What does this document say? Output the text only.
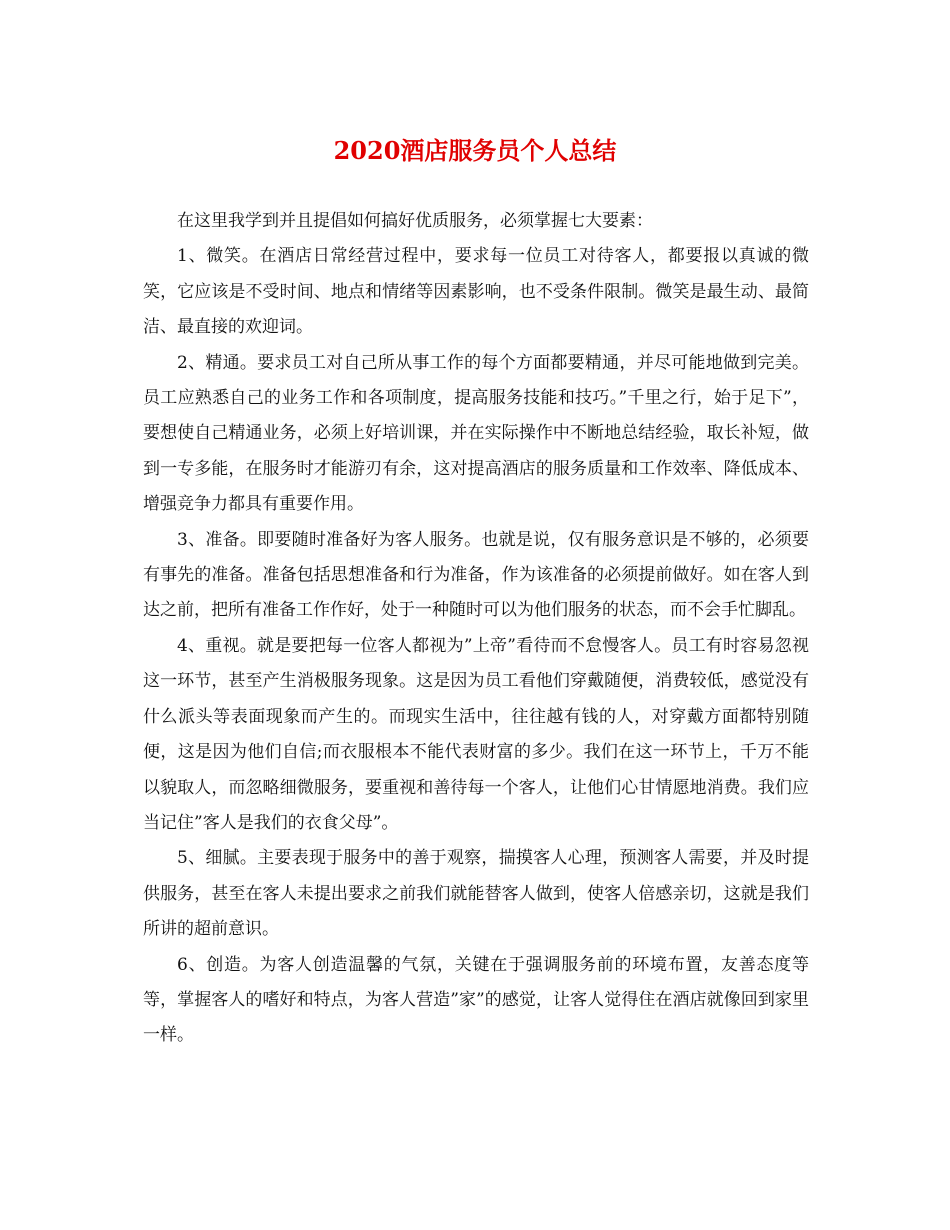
2020酒店服务员个人总结

在这里我学到并且提倡如何搞好优质服务，必须掌握七大要素：

1、微笑。在酒店日常经营过程中，要求每一位员工对待客人，都要报以真诚的微笑，它应该是不受时间、地点和情绪等因素影响，也不受条件限制。微笑是最生动、最简洁、最直接的欢迎词。

2、精通。要求员工对自己所从事工作的每个方面都要精通，并尽可能地做到完美。员工应熟悉自己的业务工作和各项制度，提高服务技能和技巧。”千里之行，始于足下”，要想使自己精通业务，必须上好培训课，并在实际操作中不断地总结经验，取长补短，做到一专多能，在服务时才能游刃有余，这对提高酒店的服务质量和工作效率、降低成本、增强竞争力都具有重要作用。

3、准备。即要随时准备好为客人服务。也就是说，仅有服务意识是不够的，必须要有事先的准备。准备包括思想准备和行为准备，作为该准备的必须提前做好。如在客人到达之前，把所有准备工作作好，处于一种随时可以为他们服务的状态，而不会手忙脚乱。

4、重视。就是要把每一位客人都视为”上帝”看待而不怠慢客人。员工有时容易忽视这一环节，甚至产生消极服务现象。这是因为员工看他们穿戴随便，消费较低，感觉没有什么派头等表面现象而产生的。而现实生活中，往往越有钱的人，对穿戴方面都特别随便，这是因为他们自信;而衣服根本不能代表财富的多少。我们在这一环节上，千万不能以貌取人，而忽略细微服务，要重视和善待每一个客人，让他们心甘情愿地消费。我们应当记住”客人是我们的衣食父母”。

5、细腻。主要表现于服务中的善于观察，揣摸客人心理，预测客人需要，并及时提供服务，甚至在客人未提出要求之前我们就能替客人做到，使客人倍感亲切，这就是我们所讲的超前意识。

6、创造。为客人创造温馨的气氛，关键在于强调服务前的环境布置，友善态度等等，掌握客人的嗜好和特点，为客人营造”家”的感觉，让客人觉得住在酒店就像回到家里一样。
